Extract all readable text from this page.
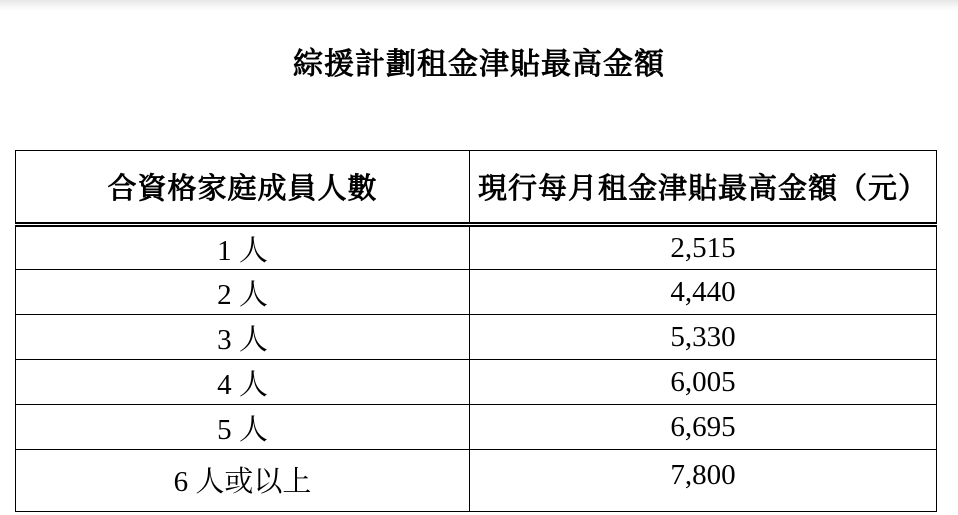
綜援計劃租金津貼最高金額
合資格家庭成員人數	現行每月租金津貼最高金額（元）
1 人	2,515
2 人	4,440
3 人	5,330
4 人	6,005
5 人	6,695
6 人或以上	7,800
